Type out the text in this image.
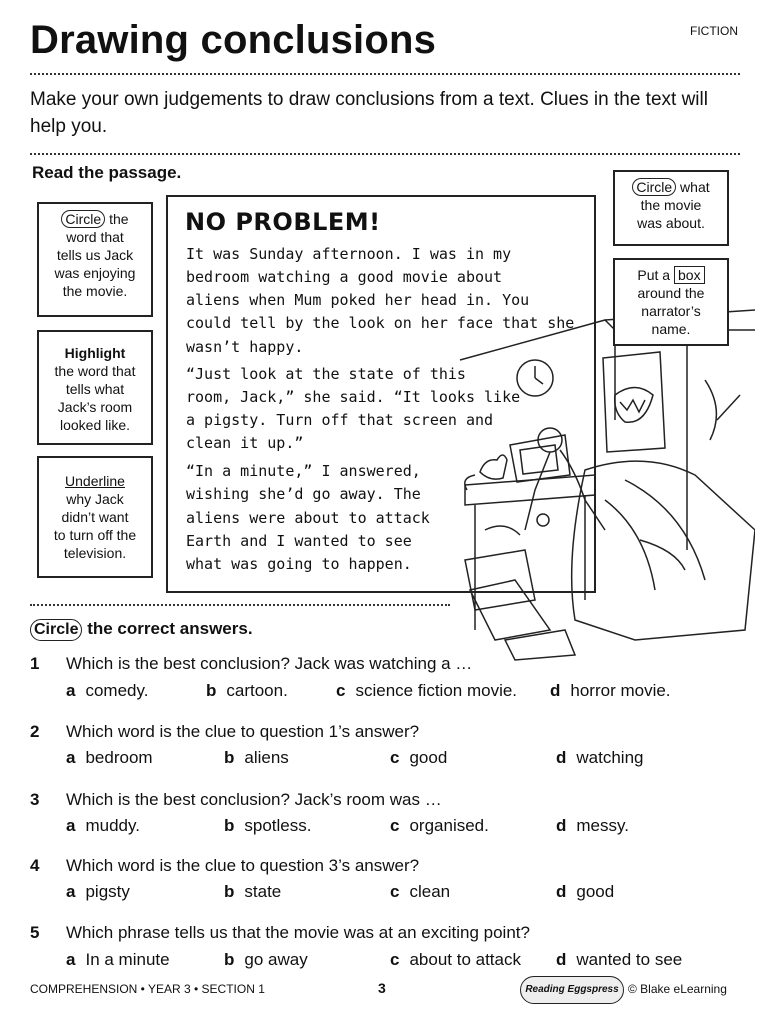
Drawing conclusions	FICTION
Make your own judgements to draw conclusions from a text. Clues in the text will help you.
Read the passage.
Circle the
word that
tells us Jack
was enjoying
the movie.
Highlight
the word that
tells what
Jack’s room
looked like.
Underline
why Jack
didn’t want
to turn off the
television.
NO PROBLEM!
It was Sunday afternoon. I was in my
bedroom watching a good movie about
aliens when Mum poked her head in. You
could tell by the look on her face that she
wasn’t happy.
“Just look at the state of this
room, Jack,” she said. “It looks like
a pigsty. Turn off that screen and
clean it up.”
“In a minute,” I answered,
wishing she’d go away. The
aliens were about to attack
Earth and I wanted to see
what was going to happen.
Circle what
the movie
was about.
Put a box
around the
narrator’s
name.
Circle the correct answers.
1 Which is the best conclusion? Jack was watching a …
a comedy.	b cartoon.	c science fiction movie. d horror movie.
2 Which word is the clue to question 1’s answer?
a bedroom	b aliens	c good	d watching
3 Which is the best conclusion? Jack’s room was …
a muddy.	b spotless.	c organised.	d messy.
4 Which word is the clue to question 3’s answer?
a pigsty	b state	c clean	d good
5 Which phrase tells us that the movie was at an exciting point?
a In a minute	b go away	c about to attack d wanted to see
COMPREHENSION • YEAR 3 • SECTION 1	3	Reading Eggspress © Blake eLearning
